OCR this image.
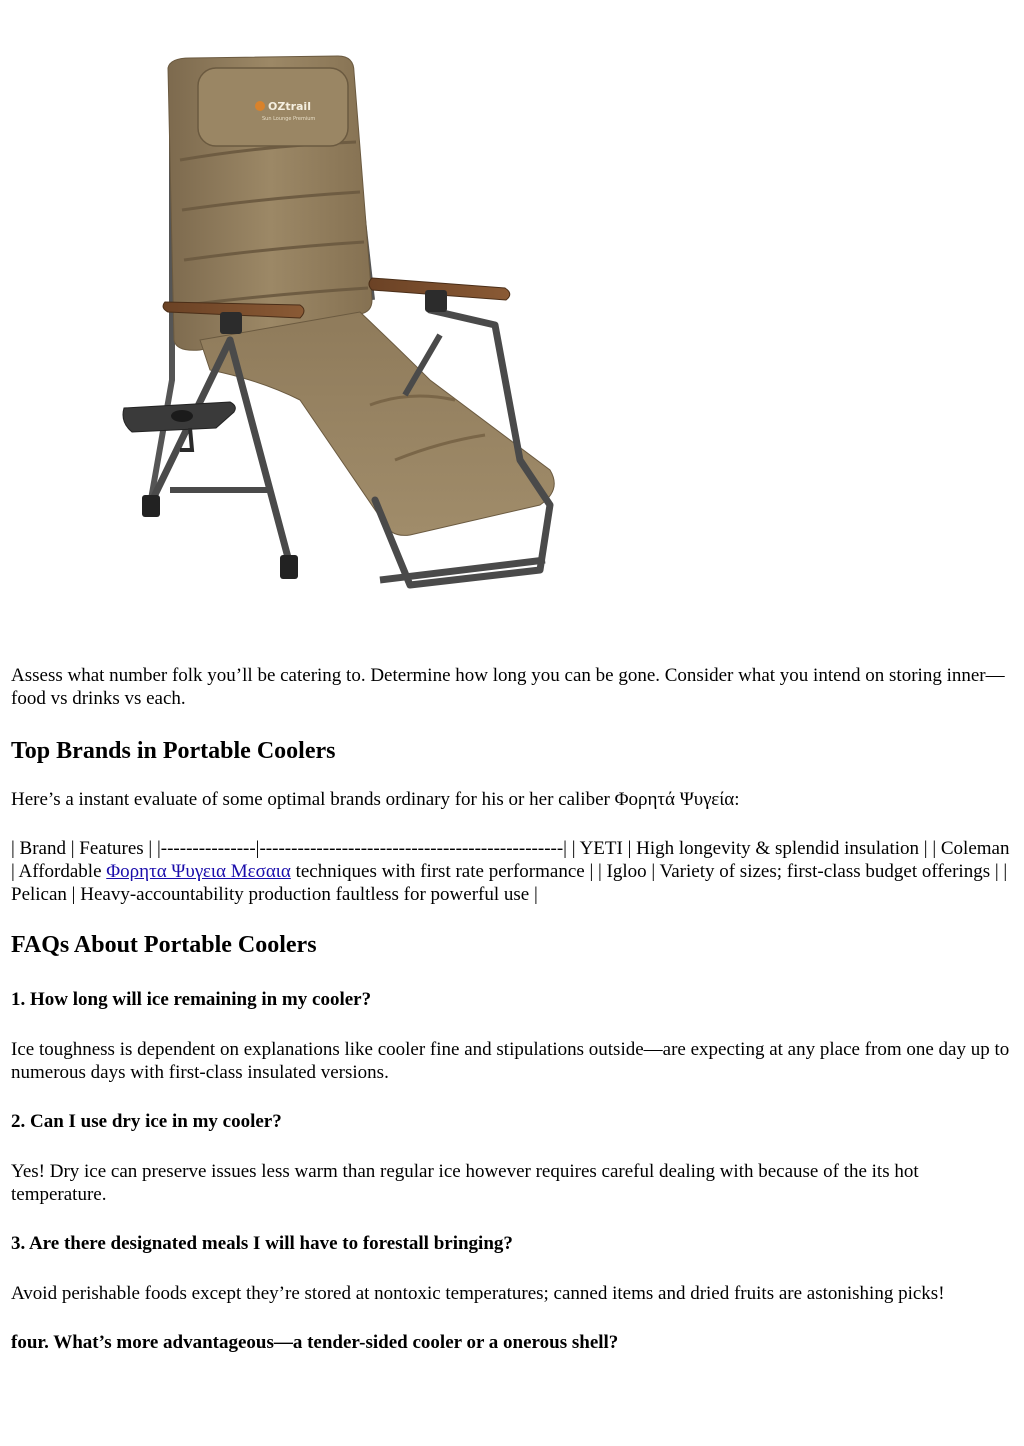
OZtrail
Sun Lounge Premium

Assess what number folk you’ll be catering to. Determine how long you can be gone. Consider what you intend on storing inner—food vs drinks vs each.

Top Brands in Portable Coolers

Here’s a instant evaluate of some optimal brands ordinary for his or her caliber Φορητά Ψυγεία:

| Brand | Features | |---------------|------------------------------------------------| | YETI | High longevity & splendid insulation | | Coleman | Affordable Φορητα Ψυγεια Μεσαια techniques with first rate performance | | Igloo | Variety of sizes; first-class budget offerings | | Pelican | Heavy-accountability production faultless for powerful use |

FAQs About Portable Coolers
1. How long will ice remaining in my cooler?

Ice toughness is dependent on explanations like cooler fine and stipulations outside—are expecting at any place from one day up to numerous days with first-class insulated versions.

2. Can I use dry ice in my cooler?

Yes! Dry ice can preserve issues less warm than regular ice however requires careful dealing with because of the its hot temperature.

3. Are there designated meals I will have to forestall bringing?

Avoid perishable foods except they’re stored at nontoxic temperatures; canned items and dried fruits are astonishing picks!

four. What’s more advantageous—a tender-sided cooler or a onerous shell?
